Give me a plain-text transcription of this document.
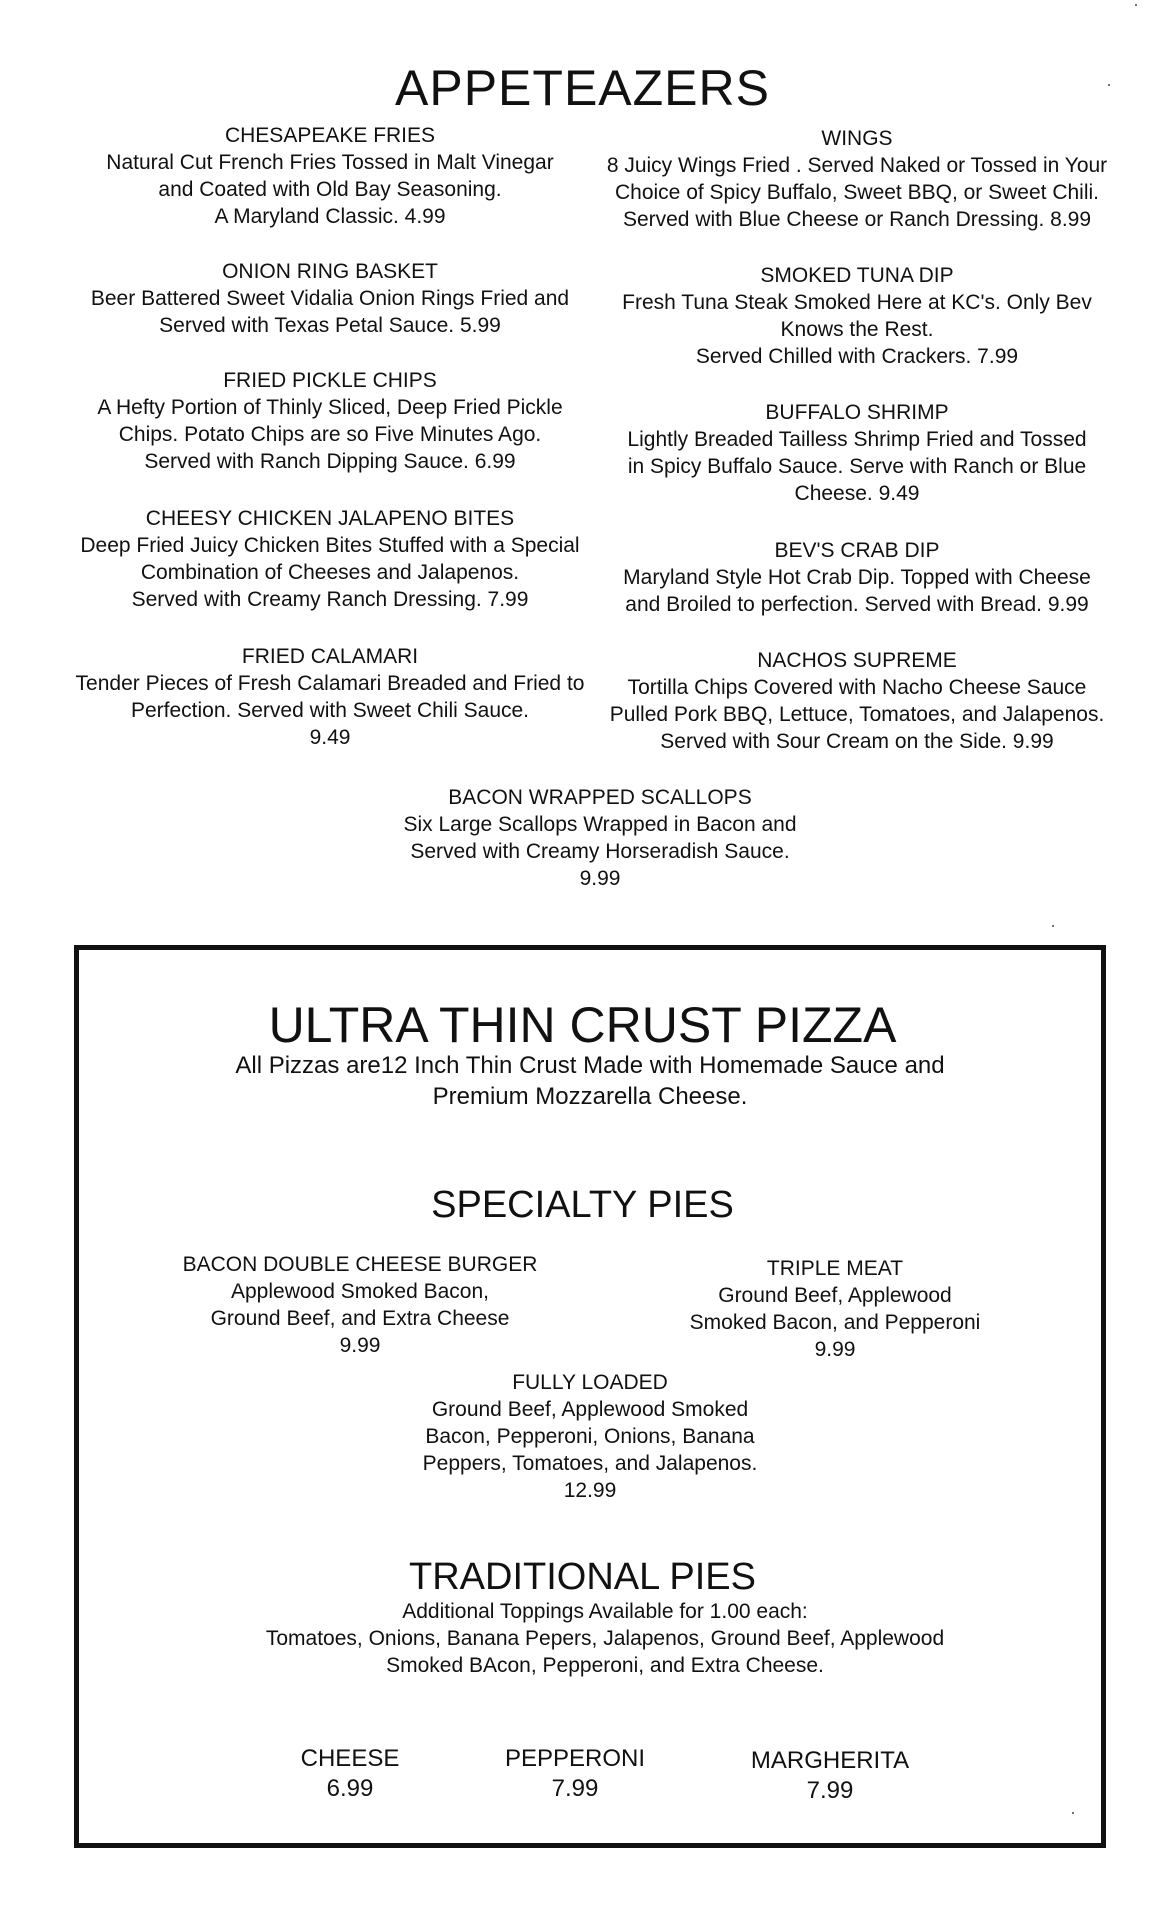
APPETEAZERS
CHESAPEAKE FRIES
Natural Cut French Fries Tossed in Malt Vinegar
and Coated with Old Bay Seasoning.
A Maryland Classic. 4.99
ONION RING BASKET
Beer Battered Sweet Vidalia Onion Rings Fried and
Served with Texas Petal Sauce. 5.99
FRIED PICKLE CHIPS
A Hefty Portion of Thinly Sliced, Deep Fried Pickle
Chips. Potato Chips are so Five Minutes Ago.
Served with Ranch Dipping Sauce. 6.99
CHEESY CHICKEN JALAPENO BITES
Deep Fried Juicy Chicken Bites Stuffed with a Special
Combination of Cheeses and Jalapenos.
Served with Creamy Ranch Dressing. 7.99
FRIED CALAMARI
Tender Pieces of Fresh Calamari Breaded and Fried to
Perfection. Served with Sweet Chili Sauce.
9.49
WINGS
8 Juicy Wings Fried . Served Naked or Tossed in Your
Choice of Spicy Buffalo, Sweet BBQ, or Sweet Chili.
Served with Blue Cheese or Ranch Dressing. 8.99
SMOKED TUNA DIP
Fresh Tuna Steak Smoked Here at KC's. Only Bev
Knows the Rest.
Served Chilled with Crackers. 7.99
BUFFALO SHRIMP
Lightly Breaded Tailless Shrimp Fried and Tossed
in Spicy Buffalo Sauce. Serve with Ranch or Blue
Cheese. 9.49
BEV'S CRAB DIP
Maryland Style Hot Crab Dip. Topped with Cheese
and Broiled to perfection. Served with Bread. 9.99
NACHOS SUPREME
Tortilla Chips Covered with Nacho Cheese Sauce
Pulled Pork BBQ, Lettuce, Tomatoes, and Jalapenos.
Served with Sour Cream on the Side. 9.99
BACON WRAPPED SCALLOPS
Six Large Scallops Wrapped in Bacon and
Served with Creamy Horseradish Sauce.
9.99
ULTRA THIN CRUST PIZZA
All Pizzas are12 Inch Thin Crust Made with Homemade Sauce and
Premium Mozzarella Cheese.
SPECIALTY PIES
BACON DOUBLE CHEESE BURGER
Applewood Smoked Bacon,
Ground Beef, and Extra Cheese
9.99
TRIPLE MEAT
Ground Beef, Applewood
Smoked Bacon, and Pepperoni
9.99
FULLY LOADED
Ground Beef, Applewood Smoked
Bacon, Pepperoni, Onions, Banana
Peppers, Tomatoes, and Jalapenos.
12.99
TRADITIONAL PIES
Additional Toppings Available for 1.00 each:
Tomatoes, Onions, Banana Pepers, Jalapenos, Ground Beef, Applewood
Smoked BAcon, Pepperoni, and Extra Cheese.
CHEESE
6.99
PEPPERONI
7.99
MARGHERITA
7.99
